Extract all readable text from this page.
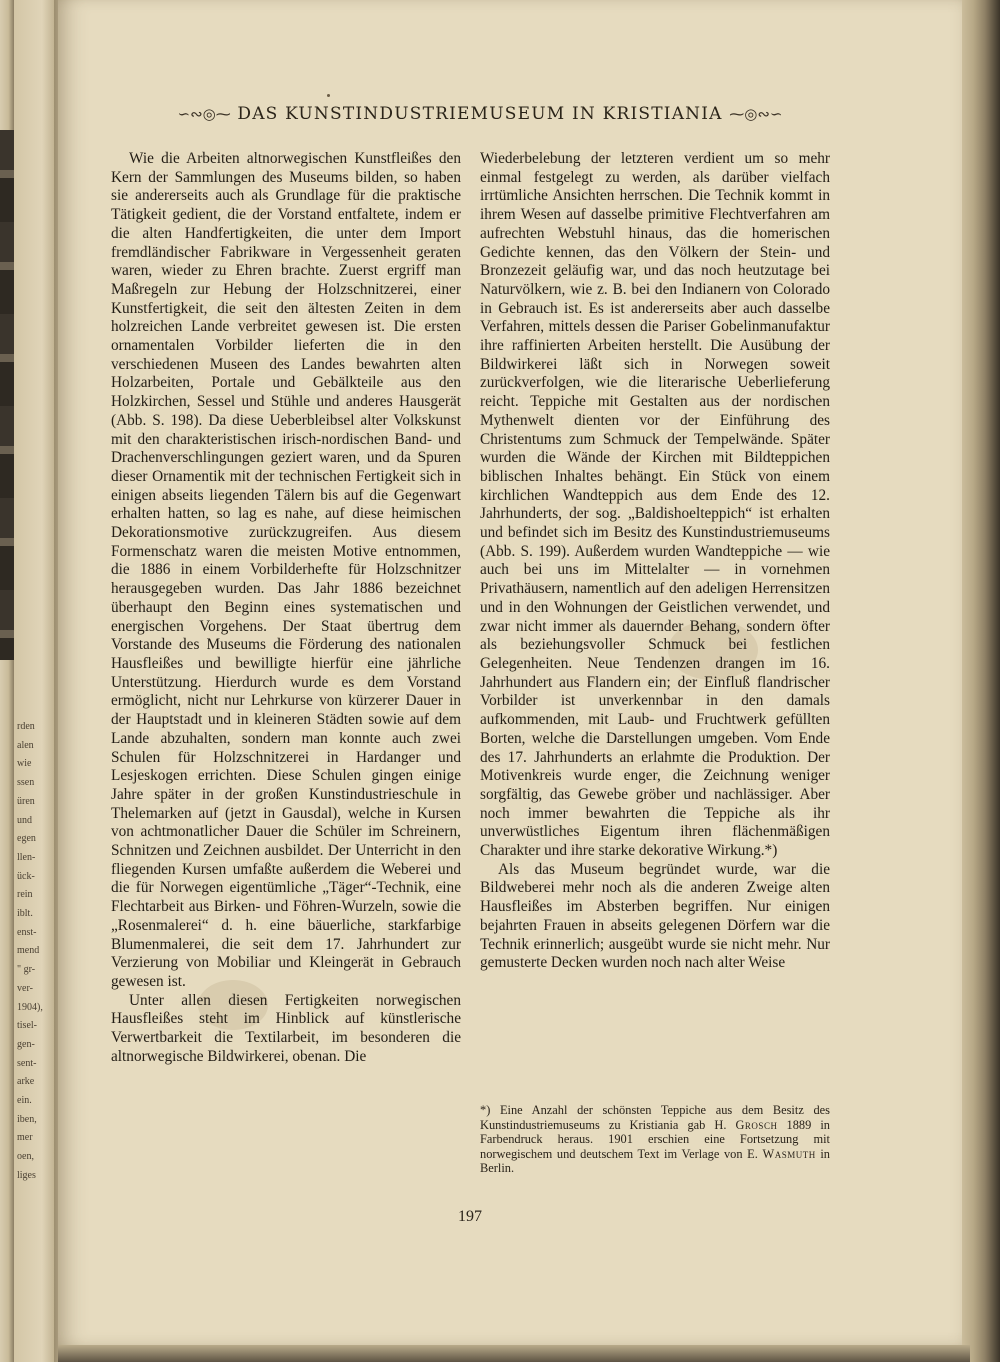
rden
alen
wie
ssen
üren
und
egen
llen-
ück-
rein
iblt.
enst-
mend
" gr-
ver-
1904),
tisel-
gen-
sent-
arke
ein.
iben,
mer
oen,
liges
∽∾◎⁓ DAS KUNSTINDUSTRIEMUSEUM IN KRISTIANIA ⁓◎∾∽

Wie die Arbeiten altnorwegischen Kunstfleißes den Kern der Sammlungen des Museums bilden, so haben sie andererseits auch als Grundlage für die praktische Tätigkeit gedient, die der Vorstand entfaltete, indem er die alten Handfertigkeiten, die unter dem Import fremdländischer Fabrikware in Vergessenheit geraten waren, wieder zu Ehren brachte. Zuerst ergriff man Maßregeln zur Hebung der Holzschnitzerei, einer Kunstfertigkeit, die seit den ältesten Zeiten in dem holzreichen Lande verbreitet gewesen ist. Die ersten ornamentalen Vorbilder lieferten die in den verschiedenen Museen des Landes bewahrten alten Holzarbeiten, Portale und Gebälkteile aus den Holzkirchen, Sessel und Stühle und anderes Hausgerät (Abb. S. 198). Da diese Ueberbleibsel alter Volkskunst mit den charakteristischen irisch-nordischen Band- und Drachenverschlingungen geziert waren, und da Spuren dieser Ornamentik mit der technischen Fertigkeit sich in einigen abseits liegenden Tälern bis auf die Gegenwart erhalten hatten, so lag es nahe, auf diese heimischen Dekorationsmotive zurückzugreifen. Aus diesem Formenschatz waren die meisten Motive entnommen, die 1886 in einem Vorbilderhefte für Holzschnitzer herausgegeben wurden. Das Jahr 1886 bezeichnet überhaupt den Beginn eines systematischen und energischen Vorgehens. Der Staat übertrug dem Vorstande des Museums die Förderung des nationalen Hausfleißes und bewilligte hierfür eine jährliche Unterstützung. Hierdurch wurde es dem Vorstand ermöglicht, nicht nur Lehrkurse von kürzerer Dauer in der Hauptstadt und in kleineren Städten sowie auf dem Lande abzuhalten, sondern man konnte auch zwei Schulen für Holzschnitzerei in Hardanger und Lesjeskogen errichten. Diese Schulen gingen einige Jahre später in der großen Kunstindustrieschule in Thelemarken auf (jetzt in Gausdal), welche in Kursen von achtmonatlicher Dauer die Schüler im Schreinern, Schnitzen und Zeichnen ausbildet. Der Unterricht in den fliegenden Kursen umfaßte außerdem die Weberei und die für Norwegen eigentümliche „Täger“-Technik, eine Flechtarbeit aus Birken- und Föhren-Wurzeln, sowie die „Rosenmalerei“ d. h. eine bäuerliche, starkfarbige Blumenmalerei, die seit dem 17. Jahrhundert zur Verzierung von Mobiliar und Kleingerät in Gebrauch gewesen ist.

Unter allen diesen Fertigkeiten norwegischen Hausfleißes steht im Hinblick auf künstlerische Verwertbarkeit die Textilarbeit, im besonderen die altnorwegische Bildwirkerei, obenan. Die

Wiederbelebung der letzteren verdient um so mehr einmal festgelegt zu werden, als darüber vielfach irrtümliche Ansichten herrschen. Die Technik kommt in ihrem Wesen auf dasselbe primitive Flechtverfahren am aufrechten Webstuhl hinaus, das die homerischen Gedichte kennen, das den Völkern der Stein- und Bronzezeit geläufig war, und das noch heutzutage bei Naturvölkern, wie z. B. bei den Indianern von Colorado in Gebrauch ist. Es ist andererseits aber auch dasselbe Verfahren, mittels dessen die Pariser Gobelinmanufaktur ihre raffinierten Arbeiten herstellt. Die Ausübung der Bildwirkerei läßt sich in Norwegen soweit zurückverfolgen, wie die literarische Ueberlieferung reicht. Teppiche mit Gestalten aus der nordischen Mythenwelt dienten vor der Einführung des Christentums zum Schmuck der Tempelwände. Später wurden die Wände der Kirchen mit Bildteppichen biblischen Inhaltes behängt. Ein Stück von einem kirchlichen Wandteppich aus dem Ende des 12. Jahrhunderts, der sog. „Baldishoelteppich“ ist erhalten und befindet sich im Besitz des Kunstindustriemuseums (Abb. S. 199). Außerdem wurden Wandteppiche — wie auch bei uns im Mittelalter — in vornehmen Privathäusern, namentlich auf den adeligen Herrensitzen und in den Wohnungen der Geistlichen verwendet, und zwar nicht immer als dauernder Behang, sondern öfter als beziehungsvoller Schmuck bei festlichen Gelegenheiten. Neue Tendenzen drangen im 16. Jahrhundert aus Flandern ein; der Einfluß flandrischer Vorbilder ist unverkennbar in den damals aufkommenden, mit Laub- und Fruchtwerk gefüllten Borten, welche die Darstellungen umgeben. Vom Ende des 17. Jahrhunderts an erlahmte die Produktion. Der Motivenkreis wurde enger, die Zeichnung weniger sorgfältig, das Gewebe gröber und nachlässiger. Aber noch immer bewahrten die Teppiche als ihr unverwüstliches Eigentum ihren flächenmäßigen Charakter und ihre starke dekorative Wirkung.*)

Als das Museum begründet wurde, war die Bildweberei mehr noch als die anderen Zweige alten Hausfleißes im Absterben begriffen. Nur einigen bejahrten Frauen in abseits gelegenen Dörfern war die Technik erinnerlich; ausgeübt wurde sie nicht mehr. Nur gemusterte Decken wurden noch nach alter Weise

*) Eine Anzahl der schönsten Teppiche aus dem Besitz des Kunstindustriemuseums zu Kristiania gab H. Grosch 1889 in Farbendruck heraus. 1901 erschien eine Fortsetzung mit norwegischem und deutschem Text im Verlage von E. Wasmuth in Berlin.
197
